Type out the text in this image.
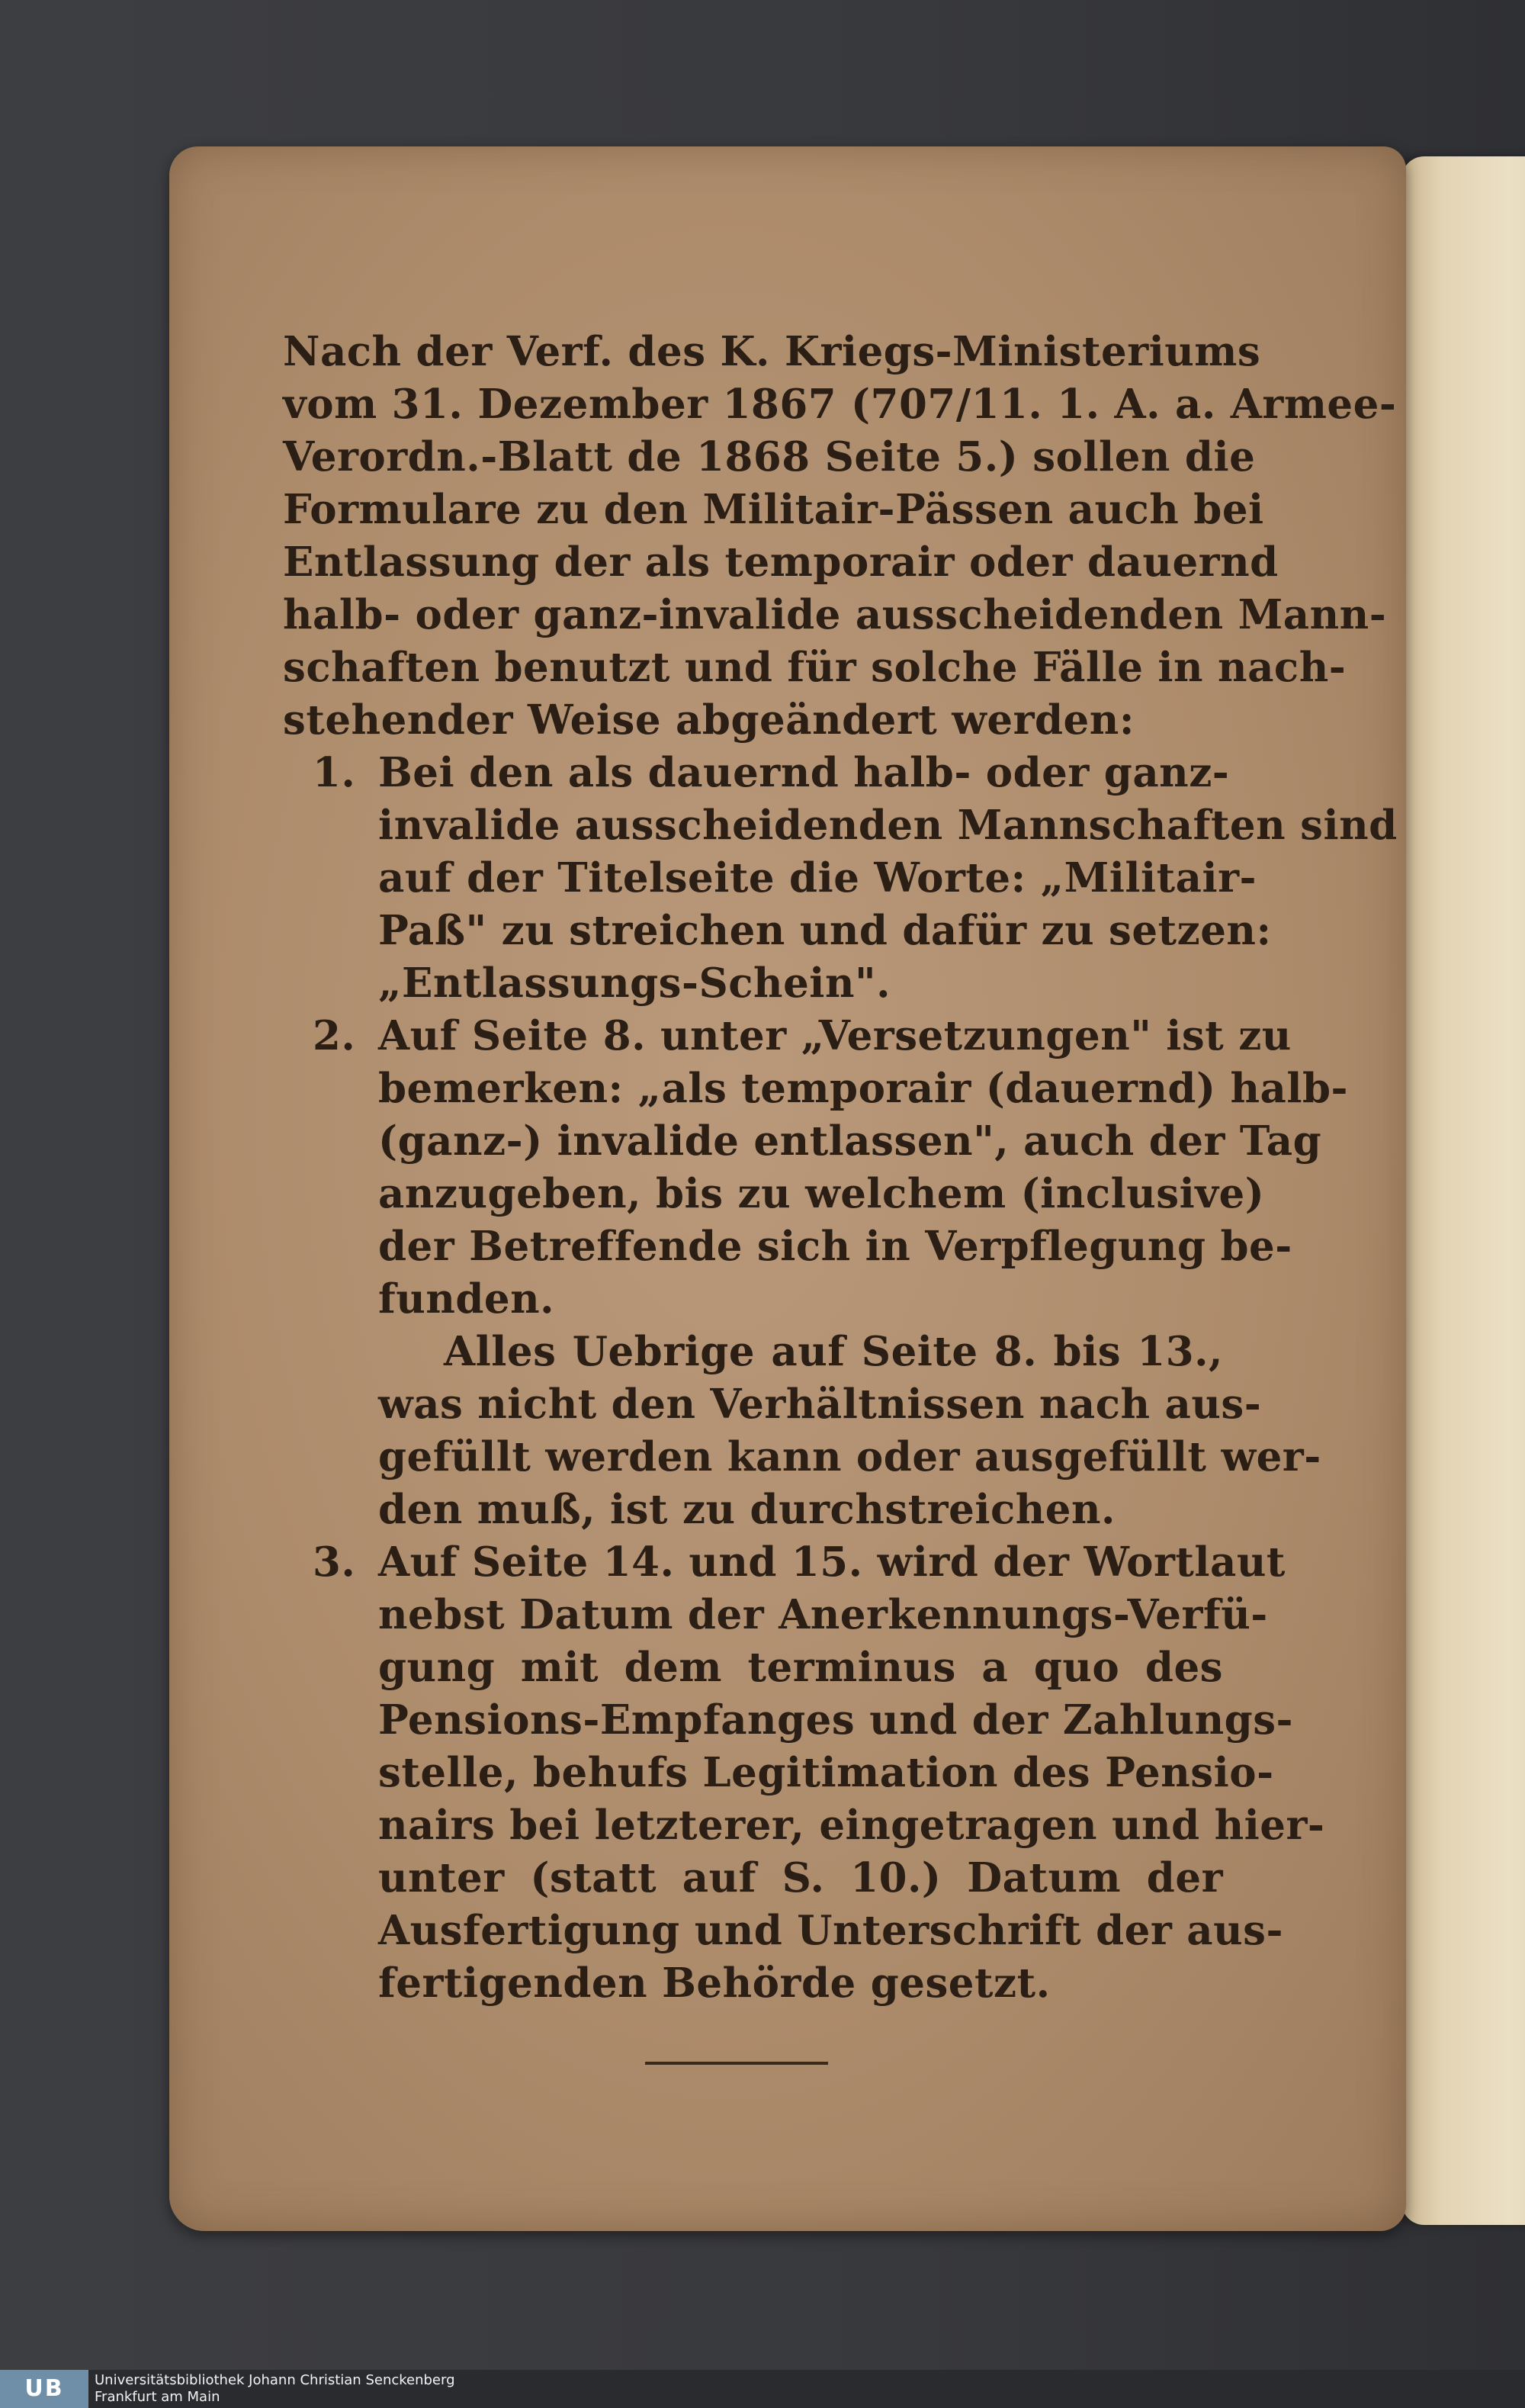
Nach der Verf. des K. Kriegs-Ministeriums
vom 31. Dezember 1867 (707/11. 1. A. a. Armee-
Verordn.-Blatt de 1868 Seite 5.) sollen die
Formulare zu den Militair-Pässen auch bei
Entlassung der als temporair oder dauernd
halb- oder ganz-invalide ausscheidenden Mann-
schaften benutzt und für solche Fälle in nach-
stehender Weise abgeändert werden:
1. Bei den als dauernd halb- oder ganz-
invalide ausscheidenden Mannschaften sind
auf der Titelseite die Worte: „Militair-
Paß" zu streichen und dafür zu setzen:
„Entlassungs-Schein".
2. Auf Seite 8. unter „Versetzungen" ist zu
bemerken: „als temporair (dauernd) halb-
(ganz-) invalide entlassen", auch der Tag
anzugeben, bis zu welchem (inclusive)
der Betreffende sich in Verpflegung be-
funden.
Alles Uebrige auf Seite 8. bis 13.,
was nicht den Verhältnissen nach aus-
gefüllt werden kann oder ausgefüllt wer-
den muß, ist zu durchstreichen.
3. Auf Seite 14. und 15. wird der Wortlaut
nebst Datum der Anerkennungs-Verfü-
gung mit dem terminus a quo des
Pensions-Empfanges und der Zahlungs-
stelle, behufs Legitimation des Pensio-
nairs bei letzterer, eingetragen und hier-
unter (statt auf S. 10.) Datum der
Ausfertigung und Unterschrift der aus-
fertigenden Behörde gesetzt.
UB	Universitätsbibliothek Johann Christian Senckenberg
Frankfurt am Main
